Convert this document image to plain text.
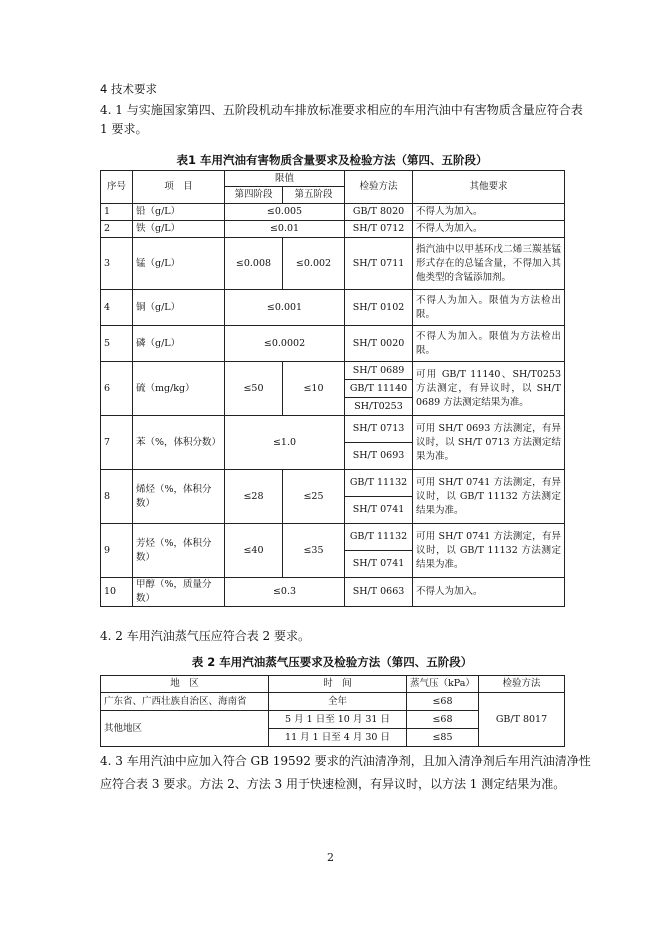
4 技术要求
4. 1 与实施国家第四、五阶段机动车排放标准要求相应的车用汽油中有害物质含量应符合表
1 要求。
表1 车用汽油有害物质含量要求及检验方法（第四、五阶段）
序号	项　目	限值		检验方法	其他要求
		第四阶段	第五阶段		
1	铅（g/L）	≤0.005		GB/T 8020	不得人为加入。
2	铁（g/L）	≤0.01		SH/T 0712	不得人为加入。
3	锰（g/L）	≤0.008	≤0.002	SH/T 0711	指汽油中以甲基环戊二烯三羰基锰形式存在的总锰含量，不得加入其他类型的含锰添加剂。
4	铜（g/L）	≤0.001		SH/T 0102	不得人为加入。限值为方法检出限。
5	磷（g/L）	≤0.0002		SH/T 0020	不得人为加入。限值为方法检出限。
6	硫（mg/kg）	≤50	≤10	SH/T 0689	可用 GB/T 11140、SH/T0253 方法测定，有异议时，以 SH/T 0689 方法测定结果为准。
				GB/T 11140	
				SH/T0253	
7	苯（%，体积分数）	≤1.0		SH/T 0713	可用 SH/T 0693 方法测定，有异议时，以 SH/T 0713 方法测定结果为准。
				SH/T 0693	
8	烯烃（%，体积分数）	≤28	≤25	GB/T 11132	可用 SH/T 0741 方法测定，有异议时，以 GB/T 11132 方法测定结果为准。
				SH/T 0741	
9	芳烃（%，体积分数）	≤40	≤35	GB/T 11132	可用 SH/T 0741 方法测定，有异议时，以 GB/T 11132 方法测定结果为准。
				SH/T 0741	
10	甲醇（%，质量分数）	≤0.3		SH/T 0663	不得人为加入。
4. 2 车用汽油蒸气压应符合表 2 要求。
表 2 车用汽油蒸气压要求及检验方法（第四、五阶段）
地　区	时　间	蒸气压（kPa）	检验方法
广东省、广西壮族自治区、海南省	全年	≤68	GB/T 8017
其他地区	5 月 1 日至 10 月 31 日	≤68	
	11 月 1 日至 4 月 30 日	≤85	
4. 3 车用汽油中应加入符合 GB 19592 要求的汽油清净剂，且加入清净剂后车用汽油清净性
应符合表 3 要求。方法 2、方法 3 用于快速检测，有异议时，以方法 1 测定结果为准。
2
